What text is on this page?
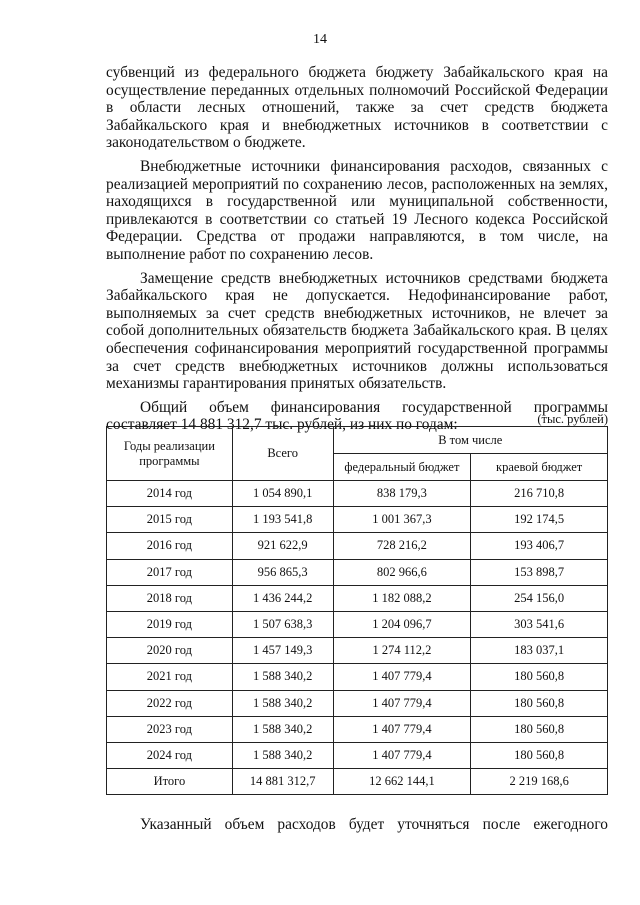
14

субвенций из федерального бюджета бюджету Забайкальского края на осуществление переданных отдельных полномочий Российской Федерации в области лесных отношений, также за счет средств бюджета Забайкальского края и внебюджетных источников в соответствии с законодательством о бюджете.

Внебюджетные источники финансирования расходов, связанных с реализацией мероприятий по сохранению лесов, расположенных на землях, находящихся в государственной или муниципальной собственности, привлекаются в соответствии со статьей 19 Лесного кодекса Российской Федерации. Средства от продажи направляются, в том числе, на выполнение работ по сохранению лесов.

Замещение средств внебюджетных источников средствами бюджета Забайкальского края не допускается. Недофинансирование работ, выполняемых за счет средств внебюджетных источников, не влечет за собой дополнительных обязательств бюджета Забайкальского края. В целях обеспечения софинансирования мероприятий государственной программы за счет средств внебюджетных источников должны использоваться механизмы гарантирования принятых обязательств.

Общий объем финансирования государственной программы составляет 14 881 312,7 тыс. рублей, из них по годам:	(тыс. рублей)
Годы реализации программы	Всего	В том числе	
		федеральный бюджет	краевой бюджет
2014 год	1 054 890,1	838 179,3	216 710,8
2015 год	1 193 541,8	1 001 367,3	192 174,5
2016 год	921 622,9	728 216,2	193 406,7
2017 год	956 865,3	802 966,6	153 898,7
2018 год	1 436 244,2	1 182 088,2	254 156,0
2019 год	1 507 638,3	1 204 096,7	303 541,6
2020 год	1 457 149,3	1 274 112,2	183 037,1
2021 год	1 588 340,2	1 407 779,4	180 560,8
2022 год	1 588 340,2	1 407 779,4	180 560,8
2023 год	1 588 340,2	1 407 779,4	180 560,8
2024 год	1 588 340,2	1 407 779,4	180 560,8
Итого	14 881 312,7	12 662 144,1	2 219 168,6
Указанный объем расходов будет уточняться после ежегодного
